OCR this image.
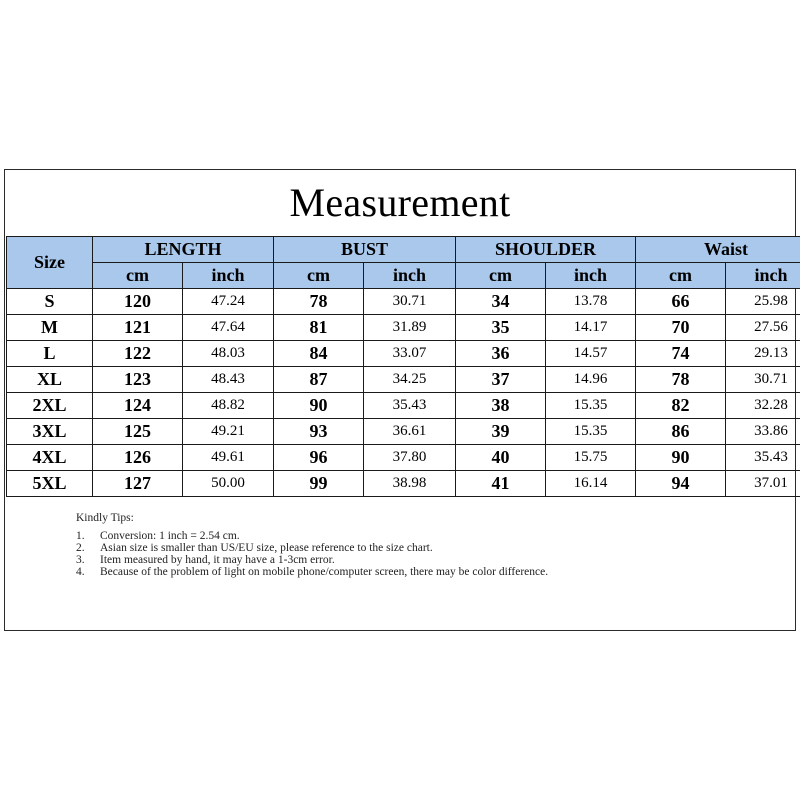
Measurement
Size	LENGTH		BUST		SHOULDER		Waist	
	cm	inch	cm	inch	cm	inch	cm	inch
S	120	47.24	78	30.71	34	13.78	66	25.98
M	121	47.64	81	31.89	35	14.17	70	27.56
L	122	48.03	84	33.07	36	14.57	74	29.13
XL	123	48.43	87	34.25	37	14.96	78	30.71
2XL	124	48.82	90	35.43	38	15.35	82	32.28
3XL	125	49.21	93	36.61	39	15.35	86	33.86
4XL	126	49.61	96	37.80	40	15.75	90	35.43
5XL	127	50.00	99	38.98	41	16.14	94	37.01
Kindly Tips:
1.	Conversion: 1 inch = 2.54 cm.
2.	Asian size is smaller than US/EU size, please reference to the size chart.
3.	Item measured by hand, it may have a 1-3cm error.
4.	Because of the problem of light on mobile phone/computer screen, there may be color difference.
